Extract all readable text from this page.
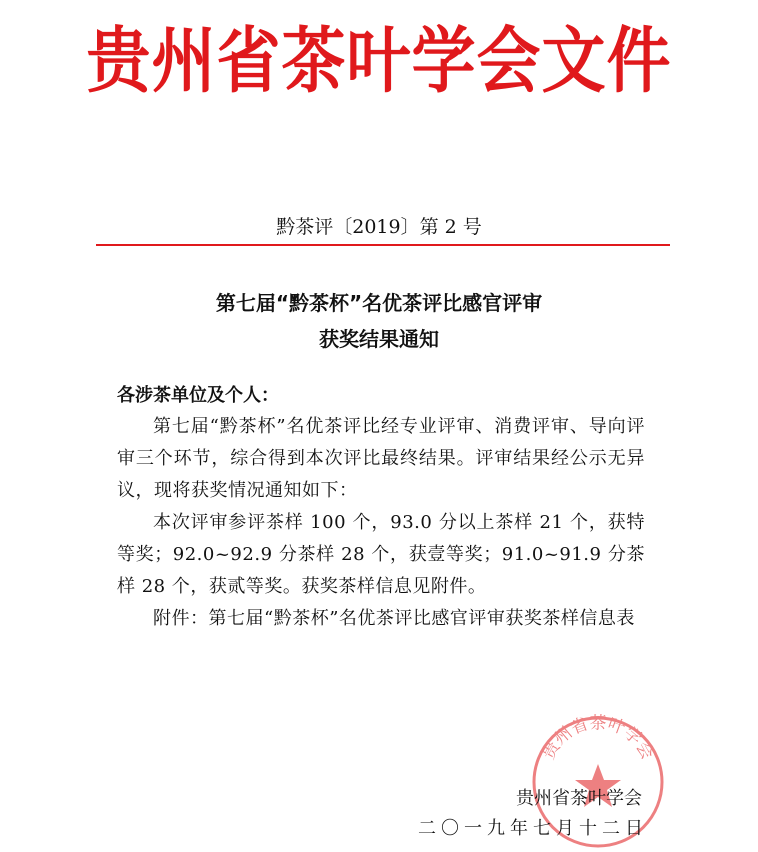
贵州省茶叶学会文件
黔茶评〔2019〕第 2 号
第七届“黔茶杯”名优茶评比感官评审
获奖结果通知
各涉茶单位及个人：

第七届“黔茶杯”名优茶评比经专业评审、消费评审、导向评审三个环节，综合得到本次评比最终结果。评审结果经公示无异议，现将获奖情况通知如下：

本次评审参评茶样 100 个，93.0 分以上茶样 21 个，获特等奖；92.0~92.9 分茶样 28 个，获壹等奖；91.0~91.9 分茶样 28 个，获贰等奖。获奖茶样信息见附件。

附件：第七届“黔茶杯”名优茶评比感官评审获奖茶样信息表

贵州省茶叶学会
贵州省茶叶学会
二〇一九年七月十二日
